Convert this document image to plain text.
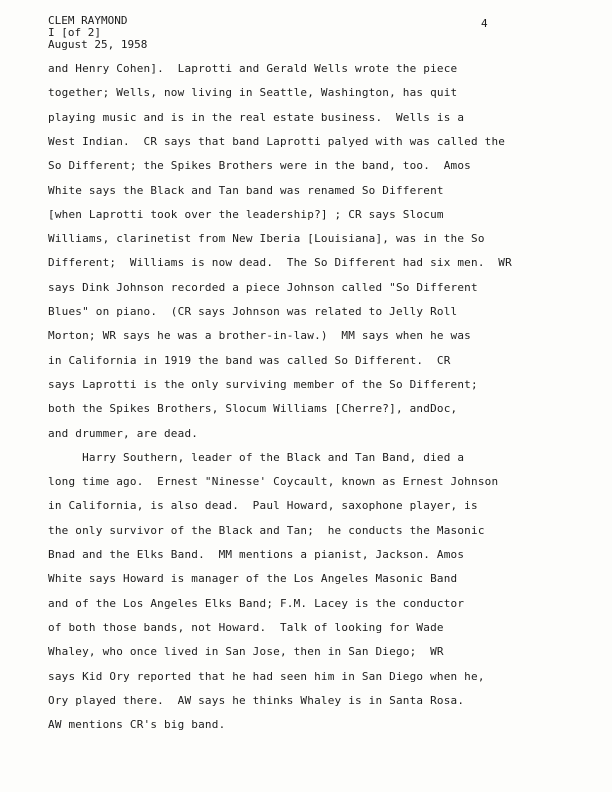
CLEM RAYMOND
I [of 2]
August 25, 1958
4
and Henry Cohen].  Laprotti and Gerald Wells wrote the piece
together; Wells, now living in Seattle, Washington, has quit
playing music and is in the real estate business.  Wells is a
West Indian.  CR says that band Laprotti palyed with was called the
So Different; the Spikes Brothers were in the band, too.  Amos
White says the Black and Tan band was renamed So Different
[when Laprotti took over the leadership?] ; CR says Slocum
Williams, clarinetist from New Iberia [Louisiana], was in the So
Different;  Williams is now dead.  The So Different had six men.  WR
says Dink Johnson recorded a piece Johnson called "So Different
Blues" on piano.  (CR says Johnson was related to Jelly Roll
Morton; WR says he was a brother-in-law.)  MM says when he was
in California in 1919 the band was called So Different.  CR
says Laprotti is the only surviving member of the So Different;
both the Spikes Brothers, Slocum Williams [Cherre?], andDoc,
and drummer, are dead.
Harry Southern, leader of the Black and Tan Band, died a
long time ago.  Ernest "Ninesse' Coycault, known as Ernest Johnson
in California, is also dead.  Paul Howard, saxophone player, is
the only survivor of the Black and Tan;  he conducts the Masonic
Bnad and the Elks Band.  MM mentions a pianist, Jackson. Amos
White says Howard is manager of the Los Angeles Masonic Band
and of the Los Angeles Elks Band; F.M. Lacey is the conductor
of both those bands, not Howard.  Talk of looking for Wade
Whaley, who once lived in San Jose, then in San Diego;  WR
says Kid Ory reported that he had seen him in San Diego when he,
Ory played there.  AW says he thinks Whaley is in Santa Rosa.
AW mentions CR's big band.
